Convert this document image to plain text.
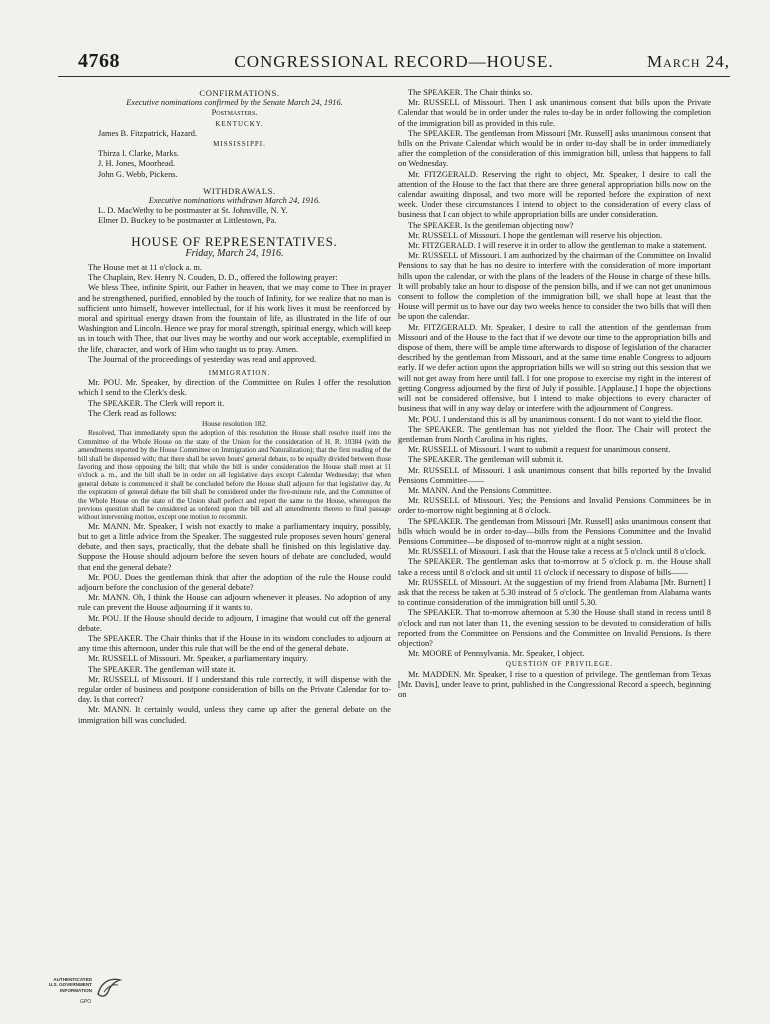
4768	CONGRESSIONAL RECORD—HOUSE.	March 24,

CONFIRMATIONS.

Executive nominations confirmed by the Senate March 24, 1916.

Postmasters.

KENTUCKY.

James B. Fitzpatrick, Hazard.

MISSISSIPPI.

Thirza I. Clarke, Marks.

J. H. Jones, Moorhead.

John G. Webb, Pickens.

WITHDRAWALS.

Executive nominations withdrawn March 24, 1916.

L. D. MacWethy to be postmaster at St. Johnsville, N. Y.

Elmer D. Buckey to be postmaster at Littlestown, Pa.

HOUSE OF REPRESENTATIVES.
Friday, March 24, 1916.

The House met at 11 o'clock a. m.

The Chaplain, Rev. Henry N. Couden, D. D., offered the following prayer:

We bless Thee, infinite Spirit, our Father in heaven, that we may come to Thee in prayer and be strengthened, purified, ennobled by the touch of Infinity, for we realize that no man is sufficient unto himself, however intellectual, for if his work lives it must be reenforced by moral and spiritual energy drawn from the fountain of life, as illustrated in the life of our Washington and Lincoln. Hence we pray for moral strength, spiritual energy, which will keep us in touch with Thee, that our lives may be worthy and our work acceptable, exemplified in the life, character, and work of Him who taught us to pray. Amen.

The Journal of the proceedings of yesterday was read and approved.

IMMIGRATION.

Mr. POU. Mr. Speaker, by direction of the Committee on Rules I offer the resolution which I send to the Clerk's desk.

The SPEAKER. The Clerk will report it.

The Clerk read as follows:

House resolution 182.

Resolved, That immediately upon the adoption of this resolution the House shall resolve itself into the Committee of the Whole House on the state of the Union for the consideration of H. R. 10384 (with the amendments reported by the House Committee on Immigration and Naturalization); that the first reading of the bill shall be dispensed with; that there shall be seven hours' general debate, to be equally divided between those favoring and those opposing the bill; that while the bill is under consideration the House shall meet at 11 o'clock a. m., and the bill shall be in order on all legislative days except Calendar Wednesday; that when general debate is commenced it shall be concluded before the House shall adjourn for that legislative day. At the expiration of general debate the bill shall be considered under the five-minute rule, and the Committee of the Whole House on the state of the Union shall perfect and report the same to the House, whereupon the previous question shall be considered as ordered upon the bill and all amendments thereto to final passage without intervening motion, except one motion to recommit.

Mr. MANN. Mr. Speaker, I wish not exactly to make a parliamentary inquiry, possibly, but to get a little advice from the Speaker. The suggested rule proposes seven hours' general debate, and then says, practically, that the debate shall be finished on this legislative day. Suppose the House should adjourn before the seven hours of debate are concluded, would that end the general debate?

Mr. POU. Does the gentleman think that after the adoption of the rule the House could adjourn before the conclusion of the general debate?

Mr. MANN. Oh, I think the House can adjourn whenever it pleases. No adoption of any rule can prevent the House adjourning if it wants to.

Mr. POU. If the House should decide to adjourn, I imagine that would cut off the general debate.

The SPEAKER. The Chair thinks that if the House in its wisdom concludes to adjourn at any time this afternoon, under this rule that will be the end of the general debate.

Mr. RUSSELL of Missouri. Mr. Speaker, a parliamentary inquiry.

The SPEAKER. The gentleman will state it.

Mr. RUSSELL of Missouri. If I understand this rule correctly, it will dispense with the regular order of business and postpone consideration of bills on the Private Calendar for to-day. Is that correct?

Mr. MANN. It certainly would, unless they came up after the general debate on the immigration bill was concluded.

The SPEAKER. The Chair thinks so.

Mr. RUSSELL of Missouri. Then I ask unanimous consent that bills upon the Private Calendar that would be in order under the rules to-day be in order following the completion of the immigration bill as provided in this rule.

The SPEAKER. The gentleman from Missouri [Mr. Russell] asks unanimous consent that bills on the Private Calendar which would be in order to-day shall be in order immediately after the completion of the consideration of this immigration bill, unless that happens to fall on Wednesday.

Mr. FITZGERALD. Reserving the right to object, Mr. Speaker, I desire to call the attention of the House to the fact that there are three general appropriation bills now on the calendar awaiting disposal, and two more will be reported before the expiration of next week. Under these circumstances I intend to object to the consideration of every class of business that I can object to while appropriation bills are under consideration.

The SPEAKER. Is the gentleman objecting now?

Mr. RUSSELL of Missouri. I hope the gentleman will reserve his objection.

Mr. FITZGERALD. I will reserve it in order to allow the gentleman to make a statement.

Mr. RUSSELL of Missouri. I am authorized by the chairman of the Committee on Invalid Pensions to say that he has no desire to interfere with the consideration of more important bills upon the calendar, or with the plans of the leaders of the House in charge of these bills. It will probably take an hour to dispose of the pension bills, and if we can not get unanimous consent to follow the completion of the immigration bill, we shall hope at least that the House will permit us to have our day two weeks hence to consider the two bills that will then be upon the calendar.

Mr. FITZGERALD. Mr. Speaker, I desire to call the attention of the gentleman from Missouri and of the House to the fact that if we devote our time to the appropriation bills and dispose of them, there will be ample time afterwards to dispose of legislation of the character described by the gentleman from Missouri, and at the same time enable Congress to adjourn early. If we defer action upon the appropriation bills we will so string out this session that we will not get away from here until fall. I for one propose to exercise my right in the interest of getting Congress adjourned by the first of July if possible. [Applause.] I hope the objections will not be considered offensive, but I intend to make objections to every character of business that will in any way delay or interfere with the adjournment of Congress.

Mr. POU. I understand this is all by unanimous consent. I do not want to yield the floor.

The SPEAKER. The gentleman has not yielded the floor. The Chair will protect the gentleman from North Carolina in his rights.

Mr. RUSSELL of Missouri. I want to submit a request for unanimous consent.

The SPEAKER. The gentleman will submit it.

Mr. RUSSELL of Missouri. I ask unanimous consent that bills reported by the Invalid Pensions Committee——

Mr. MANN. And the Pensions Committee.

Mr. RUSSELL of Missouri. Yes; the Pensions and Invalid Pensions Committees be in order to-morrow night beginning at 8 o'clock.

The SPEAKER. The gentleman from Missouri [Mr. Russell] asks unanimous consent that bills which would be in order to-day—bills from the Pensions Committee and the Invalid Pensions Committee—be disposed of to-morrow night at a night session.

Mr. RUSSELL of Missouri. I ask that the House take a recess at 5 o'clock until 8 o'clock.

The SPEAKER. The gentleman asks that to-morrow at 5 o'clock p. m. the House shall take a recess until 8 o'clock and sit until 11 o'clock if necessary to dispose of bills——

Mr. RUSSELL of Missouri. At the suggestion of my friend from Alabama [Mr. Burnett] I ask that the recess be taken at 5.30 instead of 5 o'clock. The gentleman from Alabama wants to continue consideration of the immigration bill until 5.30.

The SPEAKER. That to-morrow afternoon at 5.30 the House shall stand in recess until 8 o'clock and run not later than 11, the evening session to be devoted to consideration of bills reported from the Committee on Pensions and the Committee on Invalid Pensions. Is there objection?

Mr. MOORE of Pennsylvania. Mr. Speaker, I object.

QUESTION OF PRIVILEGE.

Mr. MADDEN. Mr. Speaker, I rise to a question of privilege. The gentleman from Texas [Mr. Davis], under leave to print, published in the Congressional Record a speech, beginning on

AUTHENTICATED
U.S. GOVERNMENT
INFORMATION
GPO
